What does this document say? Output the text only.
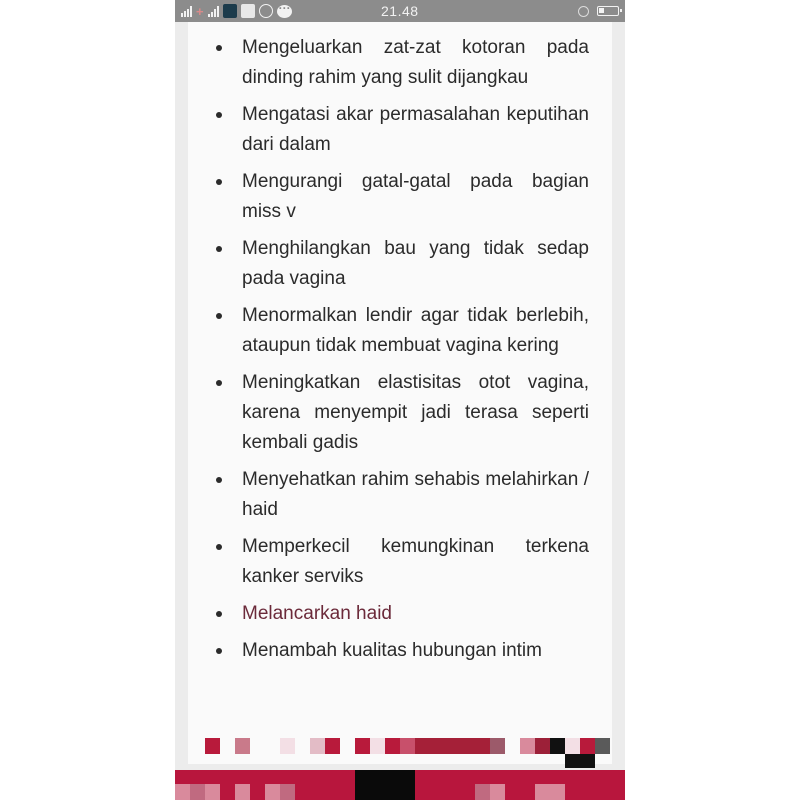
+ ···	21.48
Mengeluarkan zat-zat kotoran pada dinding rahim yang sulit dijangkau
Mengatasi akar permasalahan keputihan dari dalam
Mengurangi gatal-gatal pada bagian miss v
Menghilangkan bau yang tidak sedap pada vagina
Menormalkan lendir agar tidak berlebih, ataupun tidak membuat vagina kering
Meningkatkan elastisitas otot vagina, karena menyempit jadi terasa seperti kembali gadis
Menyehatkan rahim sehabis melahirkan / haid
Memperkecil kemungkinan terkena kanker serviks
Melancarkan haid
Menambah kualitas hubungan intim
